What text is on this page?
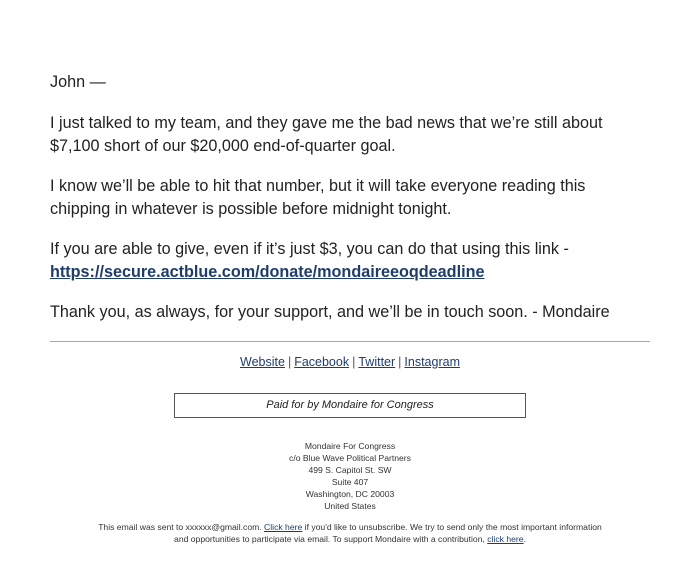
John —

I just talked to my team, and they gave me the bad news that we’re still about $7,100 short of our $20,000 end-of-quarter goal.

I know we’ll be able to hit that number, but it will take everyone reading this chipping in whatever is possible before midnight tonight.

If you are able to give, even if it’s just $3, you can do that using this link -
https://secure.actblue.com/donate/mondaireeoqdeadline

Thank you, as always, for your support, and we’ll be in touch soon. - Mondaire

Website | Facebook | Twitter | Instagram
Paid for by Mondaire for Congress
Mondaire For Congress
c/o Blue Wave Political Partners
499 S. Capitol St. SW
Suite 407
Washington, DC 20003
United States
This email was sent to xxxxxx@gmail.com. Click here if you'd like to unsubscribe. We try to send only the most important information
and opportunities to participate via email. To support Mondaire with a contribution, click here.
